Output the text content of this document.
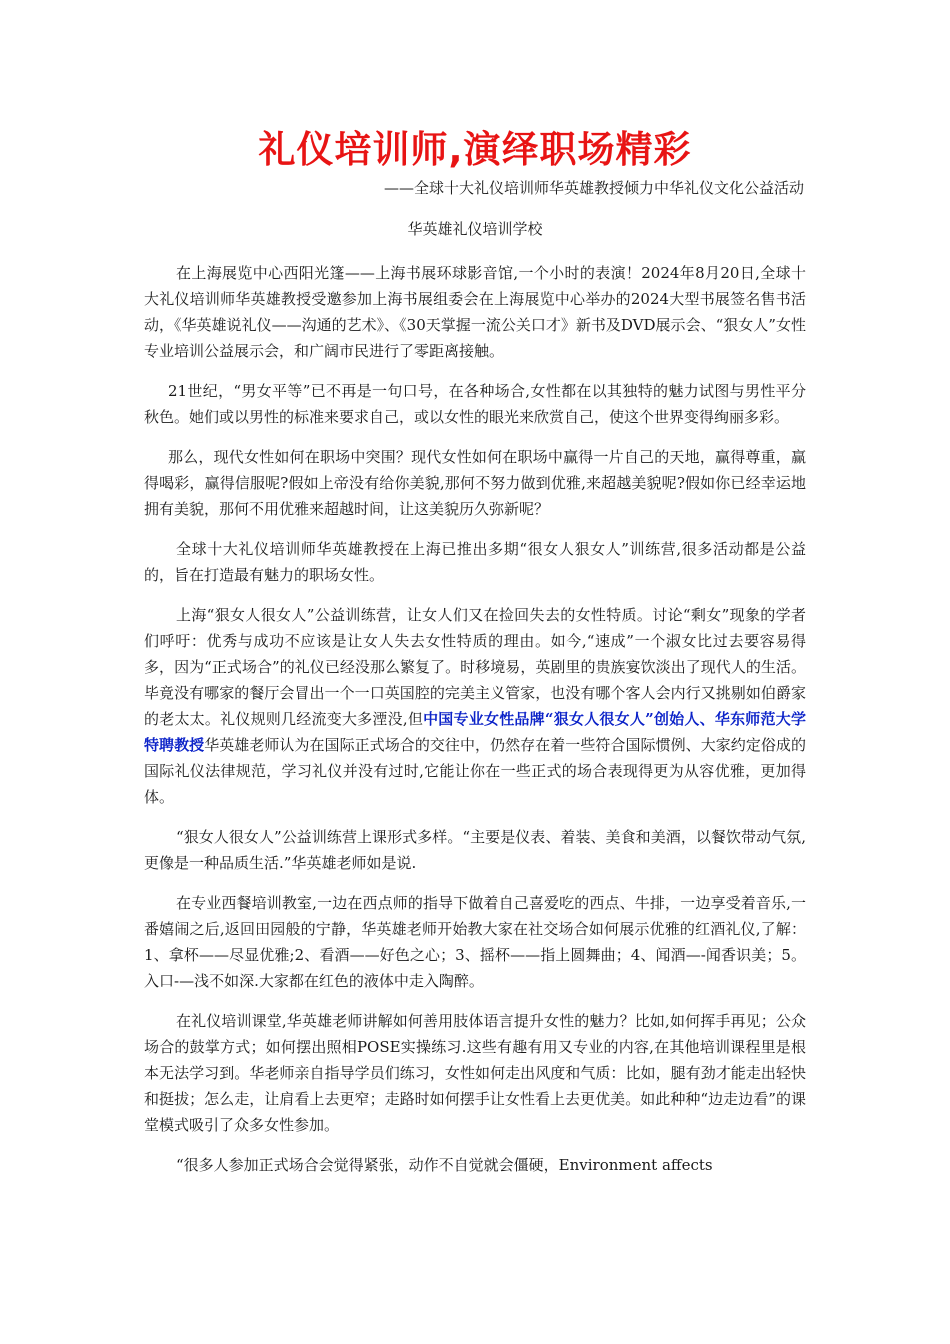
礼仪培训师,演绎职场精彩
——全球十大礼仪培训师华英雄教授倾力中华礼仪文化公益活动
华英雄礼仪培训学校

在上海展览中心西阳光篷——上海书展环球影音馆,一个小时的表演！2024年8月20日,全球十大礼仪培训师华英雄教授受邀参加上海书展组委会在上海展览中心举办的2024大型书展签名售书活动，《华英雄说礼仪——沟通的艺术》、《30天掌握一流公关口才》新书及DVD展示会、“狠女人”女性专业培训公益展示会，和广阔市民进行了零距离接触。

21世纪，“男女平等”已不再是一句口号，在各种场合,女性都在以其独特的魅力试图与男性平分秋色。她们或以男性的标准来要求自己，或以女性的眼光来欣赏自己，使这个世界变得绚丽多彩。

那么，现代女性如何在职场中突围？现代女性如何在职场中赢得一片自己的天地，赢得尊重，赢得喝彩，赢得信服呢?假如上帝没有给你美貌,那何不努力做到优雅,来超越美貌呢?假如你已经幸运地拥有美貌，那何不用优雅来超越时间，让这美貌历久弥新呢？

全球十大礼仪培训师华英雄教授在上海已推出多期“很女人狠女人”训练营,很多活动都是公益的，旨在打造最有魅力的职场女性。

上海“狠女人很女人”公益训练营，让女人们又在捡回失去的女性特质。讨论“剩女”现象的学者们呼吁：优秀与成功不应该是让女人失去女性特质的理由。如今,“速成”一个淑女比过去要容易得多，因为“正式场合”的礼仪已经没那么繁复了。时移境易，英剧里的贵族宴饮淡出了现代人的生活。毕竟没有哪家的餐厅会冒出一个一口英国腔的完美主义管家，也没有哪个客人会内行又挑剔如伯爵家的老太太。礼仪规则几经流变大多湮没,但中国专业女性品牌“狠女人很女人”创始人、华东师范大学特聘教授华英雄老师认为在国际正式场合的交往中，仍然存在着一些符合国际惯例、大家约定俗成的国际礼仪法律规范，学习礼仪并没有过时,它能让你在一些正式的场合表现得更为从容优雅，更加得体。

“狠女人很女人”公益训练营上课形式多样。“主要是仪表、着装、美食和美酒，以餐饮带动气氛,更像是一种品质生活.”华英雄老师如是说.

在专业西餐培训教室,一边在西点师的指导下做着自己喜爱吃的西点、牛排，一边享受着音乐,一番嬉闹之后,返回田园般的宁静，华英雄老师开始教大家在社交场合如何展示优雅的红酒礼仪,了解：1、拿杯——尽显优雅;2、看酒——好色之心；3、摇杯——指上圆舞曲；4、闻酒—-闻香识美；5。入口-—浅不如深.大家都在红色的液体中走入陶醉。

在礼仪培训课堂,华英雄老师讲解如何善用肢体语言提升女性的魅力？比如,如何挥手再见；公众场合的鼓掌方式；如何摆出照相POSE实操练习.这些有趣有用又专业的内容,在其他培训课程里是根本无法学习到。华老师亲自指导学员们练习，女性如何走出风度和气质：比如，腿有劲才能走出轻快和挺拔；怎么走，让肩看上去更窄；走路时如何摆手让女性看上去更优美。如此种种“边走边看”的课堂模式吸引了众多女性参加。

“很多人参加正式场合会觉得紧张，动作不自觉就会僵硬，Environment affects
